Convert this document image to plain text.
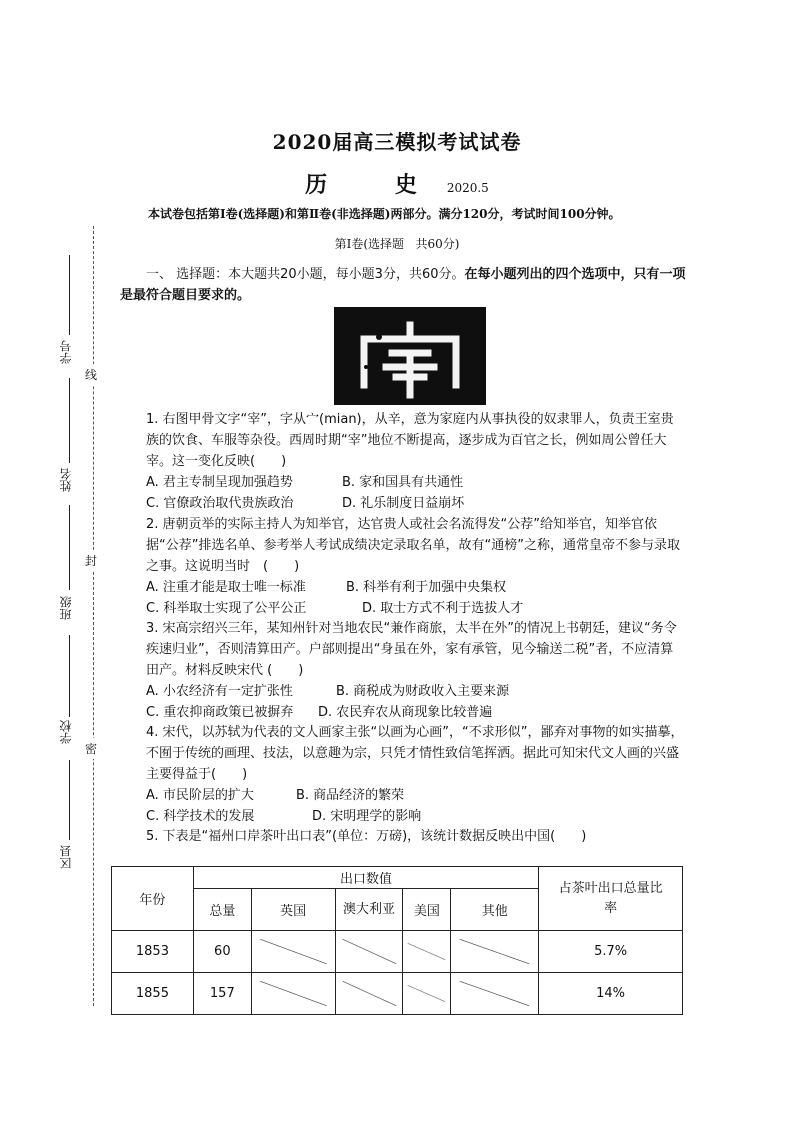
2020届高三模拟考试试卷
历 史2020.5
本试卷包括第Ⅰ卷(选择题)和第Ⅱ卷(非选择题)两部分。满分120分，考试时间100分钟。
第Ⅰ卷(选择题   共60分)
学号
姓名
班级
学校
区县
线
封
密
一、 选择题：本大题共20小题，每小题3分，共60分。在每小题列出的四个选项中，只有一项是最符合题目要求的。

1. 右图甲骨文字“宰”，字从宀(mian)，从辛，意为家庭内从事执役的奴隶罪人，负责王室贵族的饮食、车服等杂役。西周时期“宰”地位不断提高，逐步成为百官之长，例如周公曾任大宰。这一变化反映(　　)

A. 君主专制呈现加强趋势	B. 家和国具有共通性
C. 官僚政治取代贵族政治	D. 礼乐制度日益崩坏

2. 唐朝贡举的实际主持人为知举官，达官贵人或社会名流得发“公荐”给知举官，知举官依据“公荐”排选名单、参考举人考试成绩决定录取名单，故有“通榜”之称，通常皇帝不参与录取之事。这说明当时　(　　)

A. 注重才能是取士唯一标准	B. 科举有利于加强中央集权
C. 科举取士实现了公平公正	D. 取士方式不利于选拔人才

3. 宋高宗绍兴三年，某知州针对当地农民“兼作商旅，太半在外”的情况上书朝廷，建议“务令疾速归业”，否则清算田产。户部则提出“身虽在外，家有承管，见今输送二税”者，不应清算田产。材料反映宋代 (　　)

A. 小农经济有一定扩张性	B. 商税成为财政收入主要来源
C. 重农抑商政策已被摒弃	D. 农民弃农从商现象比较普遍

4. 宋代，以苏轼为代表的文人画家主张“以画为心画”，“不求形似”，鄙弃对事物的如实描摹，不囿于传统的画理、技法，以意趣为宗，只凭才情性致信笔挥洒。据此可知宋代文人画的兴盛主要得益于(　　)

A. 市民阶层的扩大	B. 商品经济的繁荣
C. 科学技术的发展	D. 宋明理学的影响

5. 下表是“福州口岸茶叶出口表”(单位：万磅)，该统计数据反映出中国(　　)

年份	出口数值					占茶叶出口总量比率
	总量	英国	澳大利亚	美国	其他	
1853	60					5.7%
1855	157					14%
